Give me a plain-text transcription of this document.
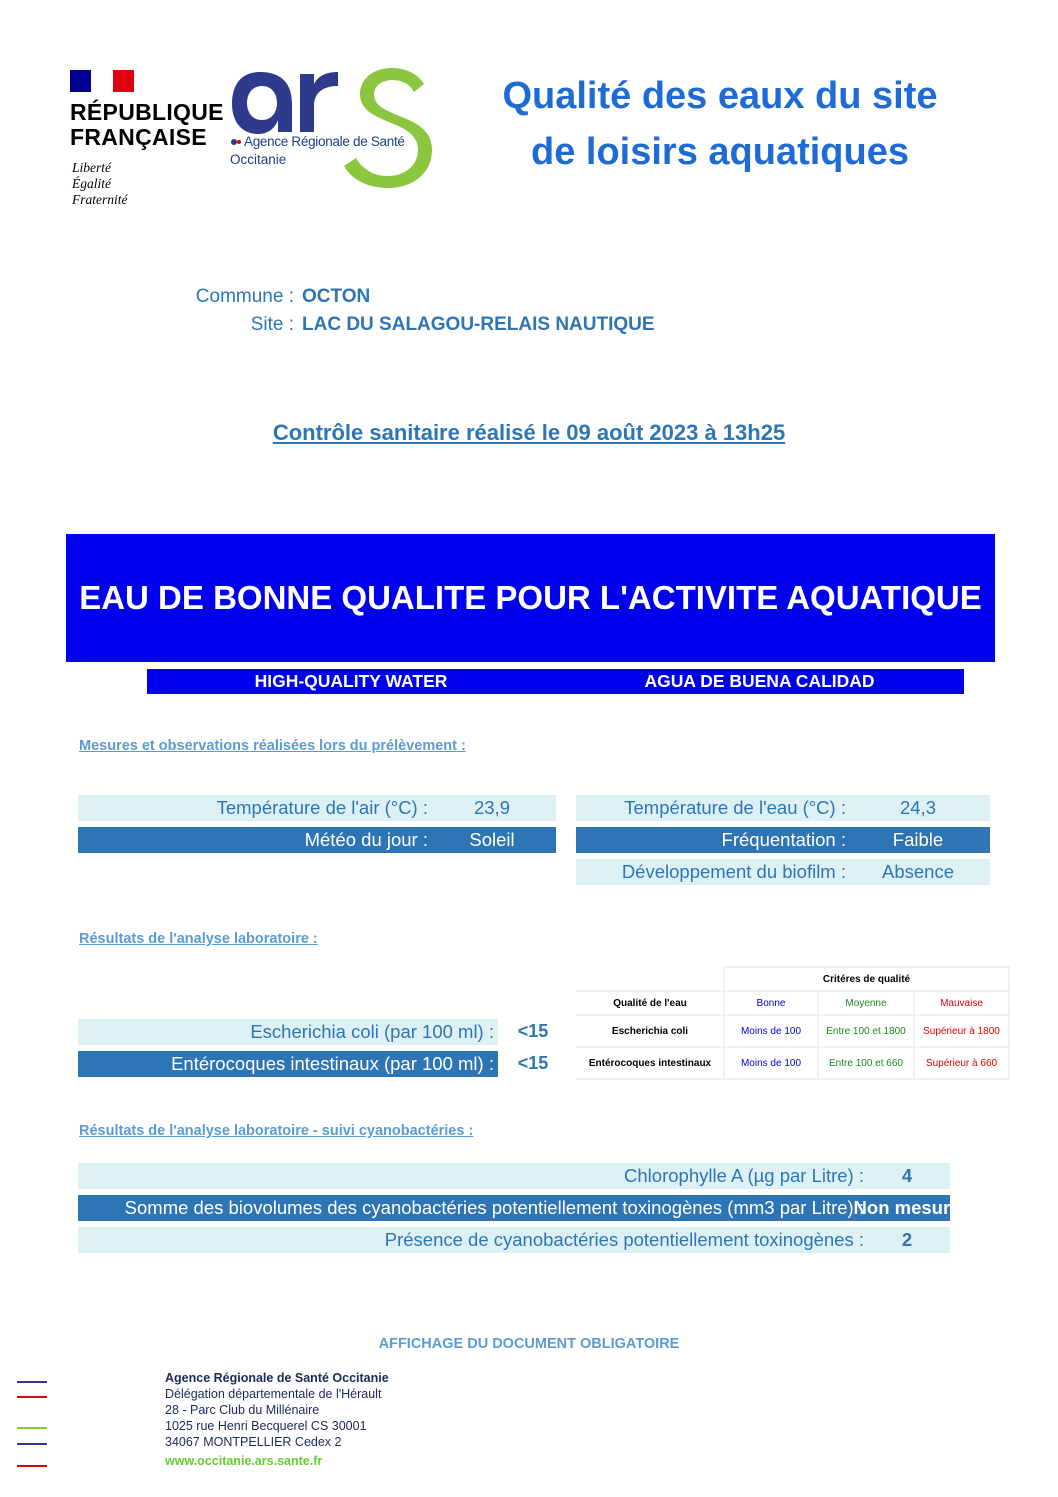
RÉPUBLIQUE
FRANÇAISE
Liberté
Égalité
Fraternité
Agence Régionale de Santé
Occitanie
Qualité des eaux du site
de loisirs aquatiques
Commune : OCTON
Site : LAC DU SALAGOU-RELAIS NAUTIQUE
Contrôle sanitaire réalisé le 09 août 2023 à 13h25
EAU DE BONNE QUALITE POUR L'ACTIVITE AQUATIQUE
HIGH-QUALITY WATER	AGUA DE BUENA CALIDAD
Mesures et observations réalisées lors du prélèvement :
Température de l'air (°C) :	23,9
Météo du jour :	Soleil
Température de l'eau (°C) :	24,3
Fréquentation :	Faible
Développement du biofilm :	Absence
Résultats de l'analyse laboratoire :
Escherichia coli (par 100 ml) :	<15
Entérocoques intestinaux (par 100 ml) :	<15
Critéres de qualité
Qualité de l'eau	Bonne	Moyenne	Mauvaise
Escherichia coli	Moins de 100	Entre 100 et 1800	Supérieur à 1800
Entérocoques intestinaux	Moins de 100	Entre 100 et 660	Supérieur à 660
Résultats de l'analyse laboratoire - suivi cyanobactéries :
Chlorophylle A (µg par Litre) :	4
Somme des biovolumes des cyanobactéries potentiellement toxinogènes (mm3 par Litre) :
Non mesuré
Présence de cyanobactéries potentiellement toxinogènes :	2
AFFICHAGE DU DOCUMENT OBLIGATOIRE
Agence Régionale de Santé Occitanie
Délégation départementale de l'Hérault
28 - Parc Club du Millénaire
1025 rue Henri Becquerel CS 30001
34067 MONTPELLIER Cedex 2
www.occitanie.ars.sante.fr
